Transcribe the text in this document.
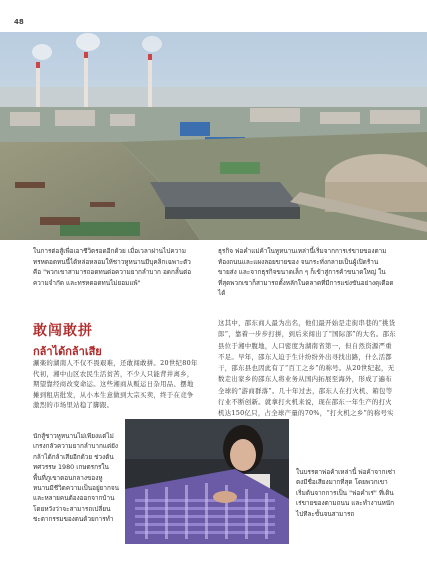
48

ในการต่อสู้เพื่อเอาชีวิตรอดอีกด้วย เมื่อเวลาผ่านไปความทรหดอดทนนี้ได้หล่อหลอมให้ชาวหูหนานมีบุคลิกเฉพาะตัว คือ "พวกเขาสามารถอดทนต่อความยากลำบาก อดกลั้นต่อความจำกัด และทรหดอดทนไม่ยอมแพ้"

ธุรกิจ ฟอคำแม่ค้าในหูหนานเหล่านี้เริ่มจากการเร่ขายของตามท้องถนนและแผงลอยขายของ จนกระทั่งกลายเป็นผู้เปิดร้านขายส่ง และจากธุรกิจขนาดเล็ก ๆ ก็เข้าสู่การค้าขนาดใหญ่ ในที่สุดพวกเขาก็สามารถตั้งหลักในตลาดที่มีการแข่งขันอย่างดุเดือดได้

敢闯敢拼
กล้าได้กล้าเสีย

涮楽的湖南人不仅不畏艰难，还敢闯敢拼。20世纪80年代初，湘中山区农民生活贫苦，不少人只能背井离乡，期望靠经商改变命运。这些湘商从贩运日杂用品、摆地摊到租店批发，从小本生意做到大宗买卖，终于在竞争激烈的市场里站稳了脚跟。

นักสู้ชาวหูหนานไม่เพียงแต่ไม่เกรงกลัวความยากลำบากแต่ยังกล้าได้กล้าเสียอีกด้วย ช่วงต้นทศวรรษ 1980 เกษตรกรในพื้นที่ภูเขาตอนกลางของหูหนานมีชีวิตความเป็นอยู่ยากจน และหลายคนต้องออกจากบ้านโดยหวังว่าจะสามารถเปลี่ยนชะตากรรมของตนด้วยการทำ

这其中，邵东商人最为出名，他们最开始是走街串巷的“挑货郎”，靠着一步步打拼，到后来闯出了“国际部”的大名。邵东县位于湘中腹地，人口密度为湖南省第一，但自然资源严重不足。早年，邵东人迫于生计纷纷外出寻找出路，什么活都干，邵东县也因此有了“百工之乡”的称号。从20世纪起，无数走出家乡的邵东人将业务从国内拓展至海外，形成了遍布全球的“游商群落”。几十年过去，邵东人在打火机、箱包等行业不断创新。就拿打火机来说，现在邵东一年生产的打火机达150亿只，占全球产量的70%，“打火机之乡”的称号实

ในบรรดาพ่อค้าเหล่านี้ พ่อค้าจากเซ่าตงมีชื่อเสียงมากที่สุด โดยพวกเขาเริ่มต้นจากการเป็น "ฟอคำเร่" ที่เดินเร่ขายของตามถนน และทำงานหนักไปทีละขั้นจนสามารถ
